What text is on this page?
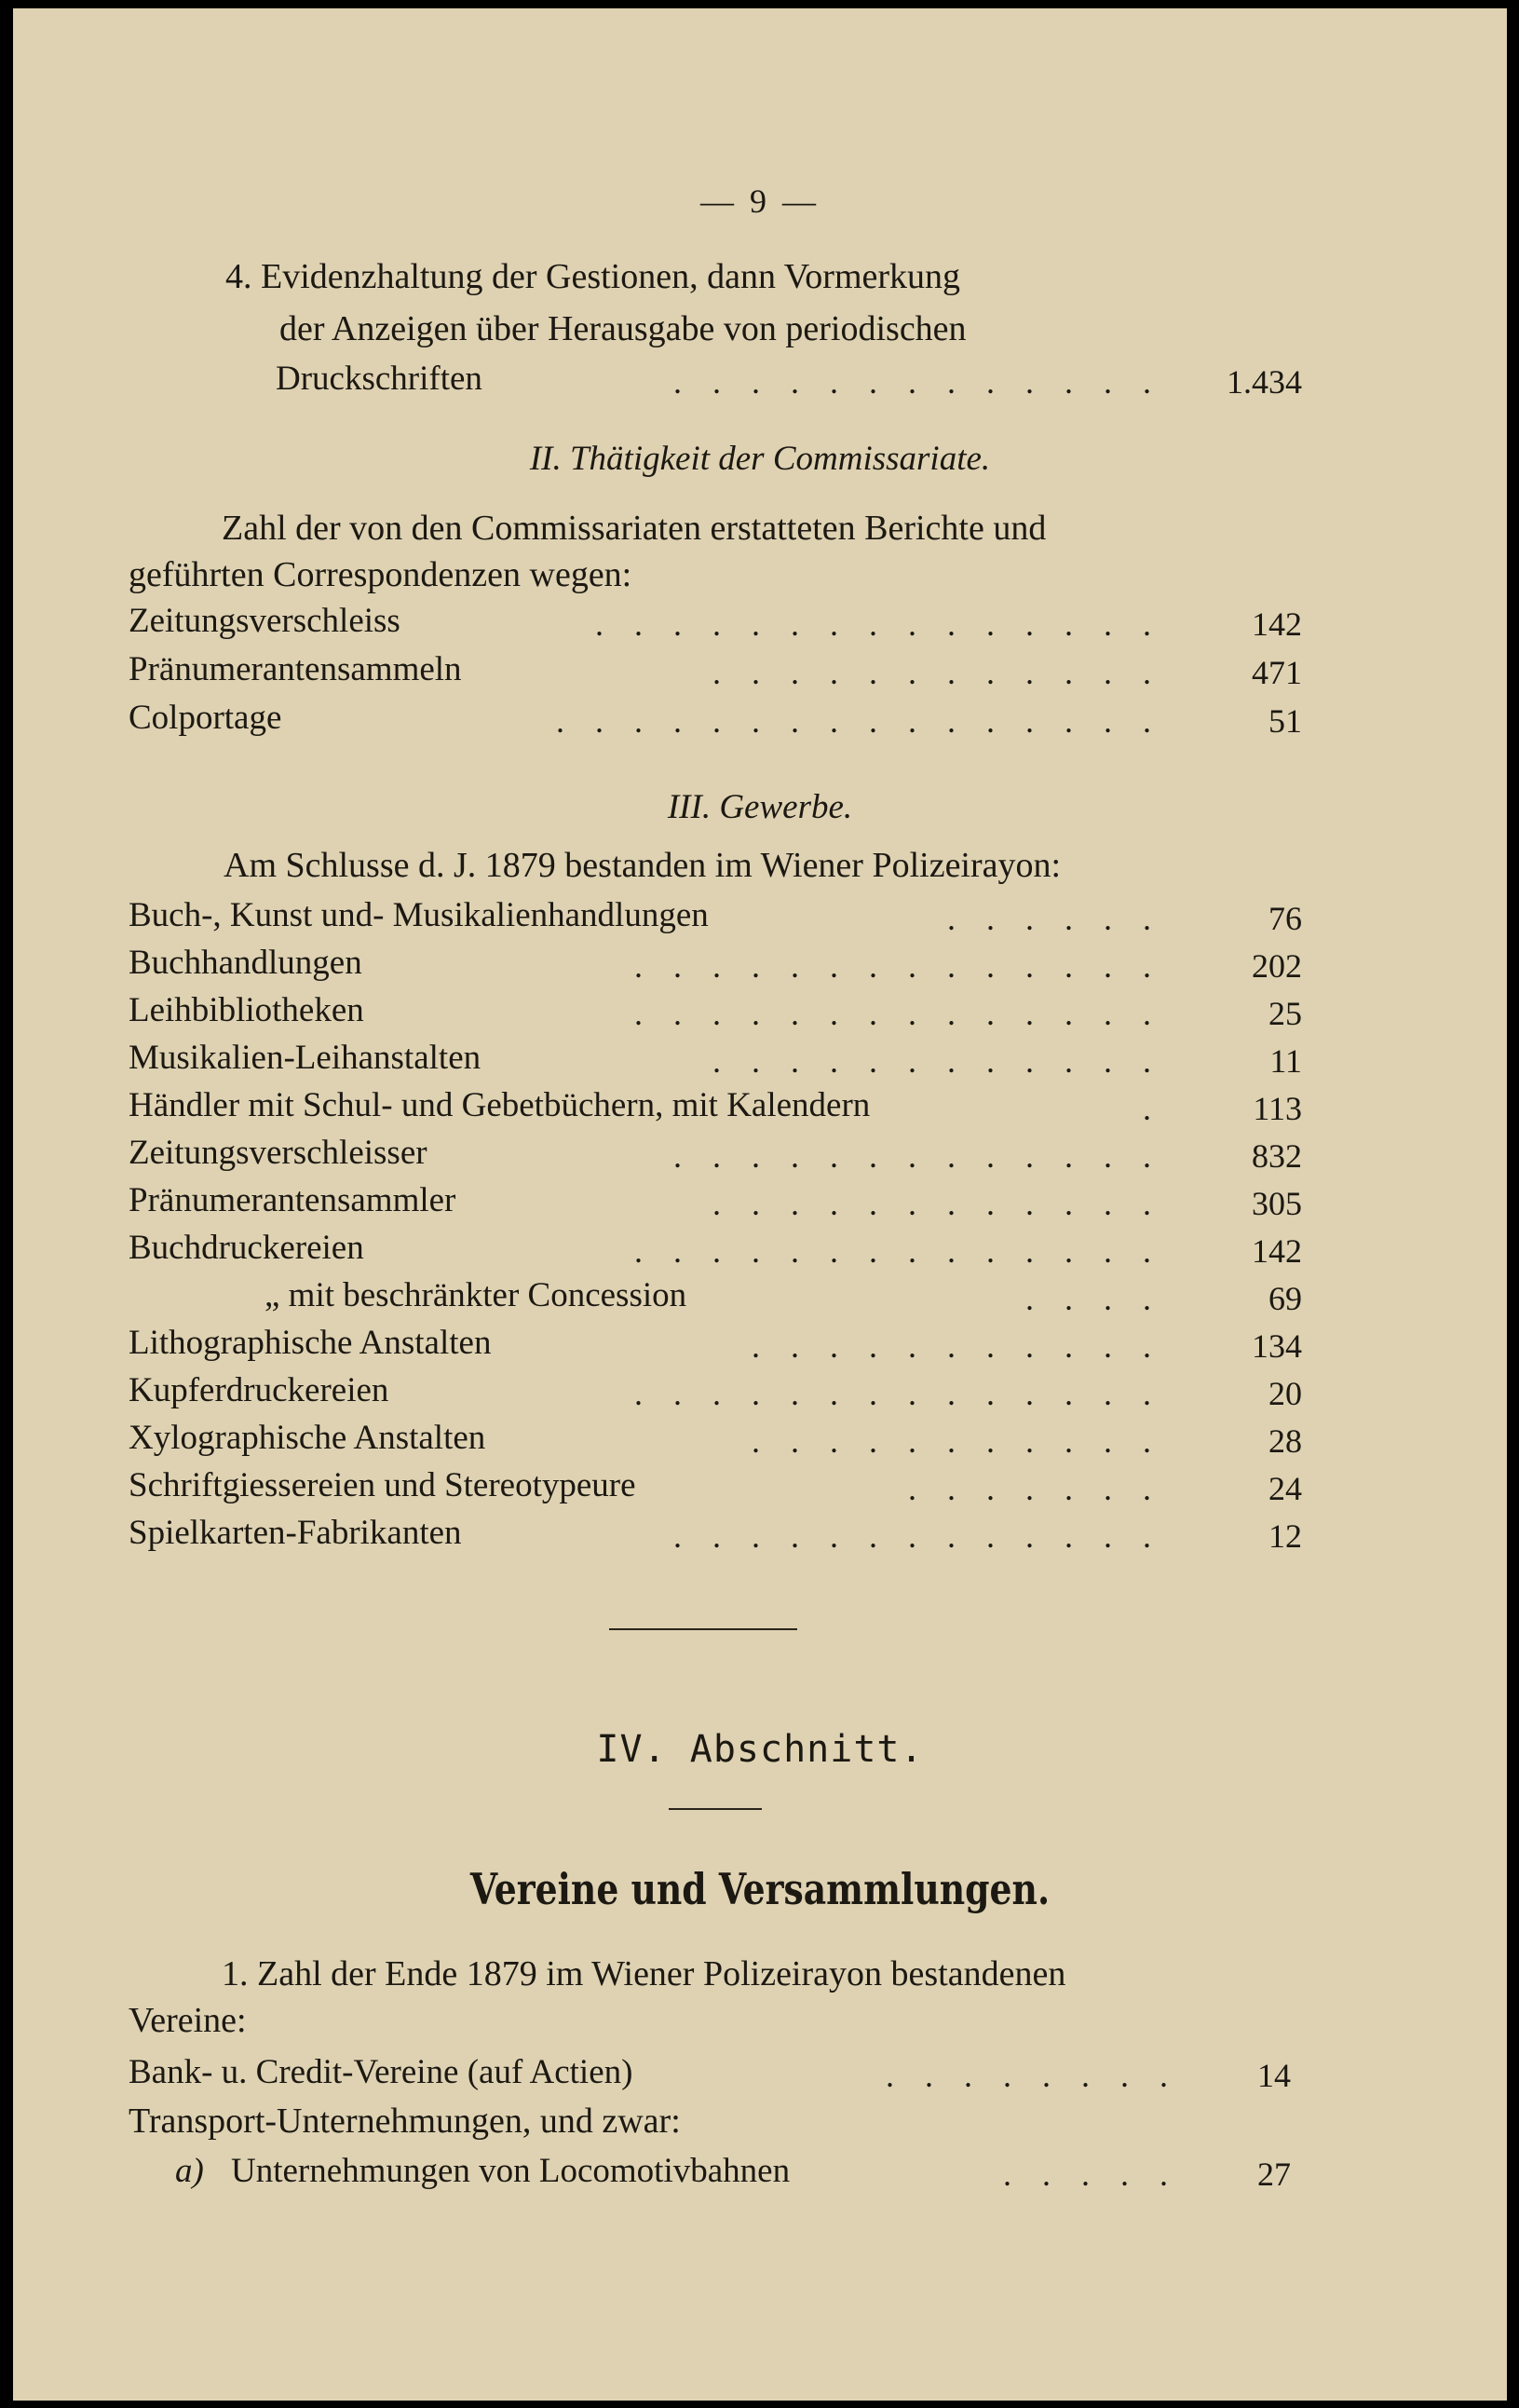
— 9 —
4. Evidenzhaltung der Gestionen, dann Vormerkung
der Anzeigen über Herausgabe von periodischen
Druckschriften	. . . . . . . . . . . . . 1.434
II. Thätigkeit der Commissariate.
Zahl der von den Commissariaten erstatteten Berichte und
geführten Correspondenzen wegen:
Zeitungsverschleiss	. . . . . . . . . . . . . . .	142
Pränumerantensammeln	. . . . . . . . . . . .	471
Colportage	. . . . . . . . . . . . . . . .	51
III. Gewerbe.
Am Schlusse d. J. 1879 bestanden im Wiener Polizeirayon:
Buch-, Kunst und- Musikalienhandlungen	. . . . . .	76
Buchhandlungen	. . . . . . . . . . . . . .	202
Leihbibliotheken	. . . . . . . . . . . . . .	25
Musikalien-Leihanstalten	. . . . . . . . . . . .	11
Händler mit Schul- und Gebetbüchern, mit Kalendern	.	113
Zeitungsverschleisser	. . . . . . . . . . . . .	832
Pränumerantensammler	. . . . . . . . . . . .	305
Buchdruckereien	. . . . . . . . . . . . . .	142
„ mit beschränkter Concession	. . . .	69
Lithographische Anstalten	. . . . . . . . . . .	134
Kupferdruckereien	. . . . . . . . . . . . . .	20
Xylographische Anstalten	. . . . . . . . . . .	28
Schriftgiessereien und Stereotypeure	. . . . . . .	24
Spielkarten-Fabrikanten	. . . . . . . . . . . . .	12
IV. Abschnitt.
Vereine und Versammlungen.
1. Zahl der Ende 1879 im Wiener Polizeirayon bestandenen
Vereine:
Bank- u. Credit-Vereine (auf Actien)	. . . . . . . . 14
Transport-Unternehmungen, und zwar:
a) Unternehmungen von Locomotivbahnen	. . . . . 27
